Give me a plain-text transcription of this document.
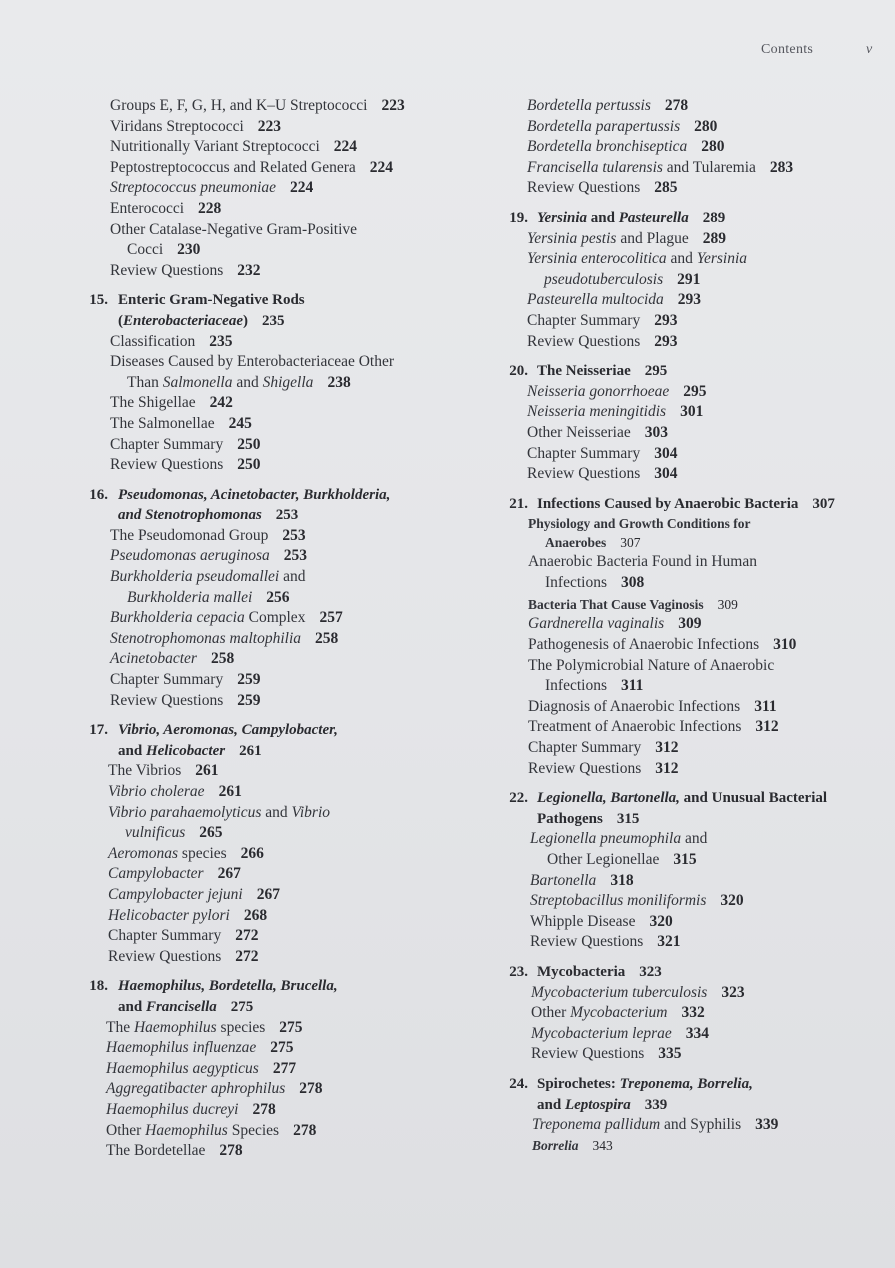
Contents	v
Groups E, F, G, H, and K–U Streptococci 223
Viridans Streptococci 223
Nutritionally Variant Streptococci 224
Peptostreptococcus and Related Genera 224
Streptococcus pneumoniae 224
Enterococci 228
Other Catalase-Negative Gram-Positive
Cocci 230
Review Questions 232
15. Enteric Gram-Negative Rods
(Enterobacteriaceae) 235
Classification 235
Diseases Caused by Enterobacteriaceae Other
Than Salmonella and Shigella 238
The Shigellae 242
The Salmonellae 245
Chapter Summary 250
Review Questions 250
16. Pseudomonas, Acinetobacter, Burkholderia,
and Stenotrophomonas 253
The Pseudomonad Group 253
Pseudomonas aeruginosa 253
Burkholderia pseudomallei and
Burkholderia mallei 256
Burkholderia cepacia Complex 257
Stenotrophomonas maltophilia 258
Acinetobacter 258
Chapter Summary 259
Review Questions 259
17. Vibrio, Aeromonas, Campylobacter,
and Helicobacter 261
The Vibrios 261
Vibrio cholerae 261
Vibrio parahaemolyticus and Vibrio
vulnificus 265
Aeromonas species 266
Campylobacter 267
Campylobacter jejuni 267
Helicobacter pylori 268
Chapter Summary 272
Review Questions 272
18. Haemophilus, Bordetella, Brucella,
and Francisella 275
The Haemophilus species 275
Haemophilus influenzae 275
Haemophilus aegypticus 277
Aggregatibacter aphrophilus 278
Haemophilus ducreyi 278
Other Haemophilus Species 278
The Bordetellae 278
Bordetella pertussis 278
Bordetella parapertussis 280
Bordetella bronchiseptica 280
Francisella tularensis and Tularemia 283
Review Questions 285
19. Yersinia and Pasteurella 289
Yersinia pestis and Plague 289
Yersinia enterocolitica and Yersinia
pseudotuberculosis 291
Pasteurella multocida 293
Chapter Summary 293
Review Questions 293
20. The Neisseriae 295
Neisseria gonorrhoeae 295
Neisseria meningitidis 301
Other Neisseriae 303
Chapter Summary 304
Review Questions 304
21. Infections Caused by Anaerobic Bacteria 307
Physiology and Growth Conditions for
Anaerobes 307
Anaerobic Bacteria Found in Human
Infections 308
Bacteria That Cause Vaginosis 309
Gardnerella vaginalis 309
Pathogenesis of Anaerobic Infections 310
The Polymicrobial Nature of Anaerobic
Infections 311
Diagnosis of Anaerobic Infections 311
Treatment of Anaerobic Infections 312
Chapter Summary 312
Review Questions 312
22. Legionella, Bartonella, and Unusual Bacterial
Pathogens 315
Legionella pneumophila and
Other Legionellae 315
Bartonella 318
Streptobacillus moniliformis 320
Whipple Disease 320
Review Questions 321
23. Mycobacteria 323
Mycobacterium tuberculosis 323
Other Mycobacterium 332
Mycobacterium leprae 334
Review Questions 335
24. Spirochetes: Treponema, Borrelia,
and Leptospira 339
Treponema pallidum and Syphilis 339
Borrelia 343
